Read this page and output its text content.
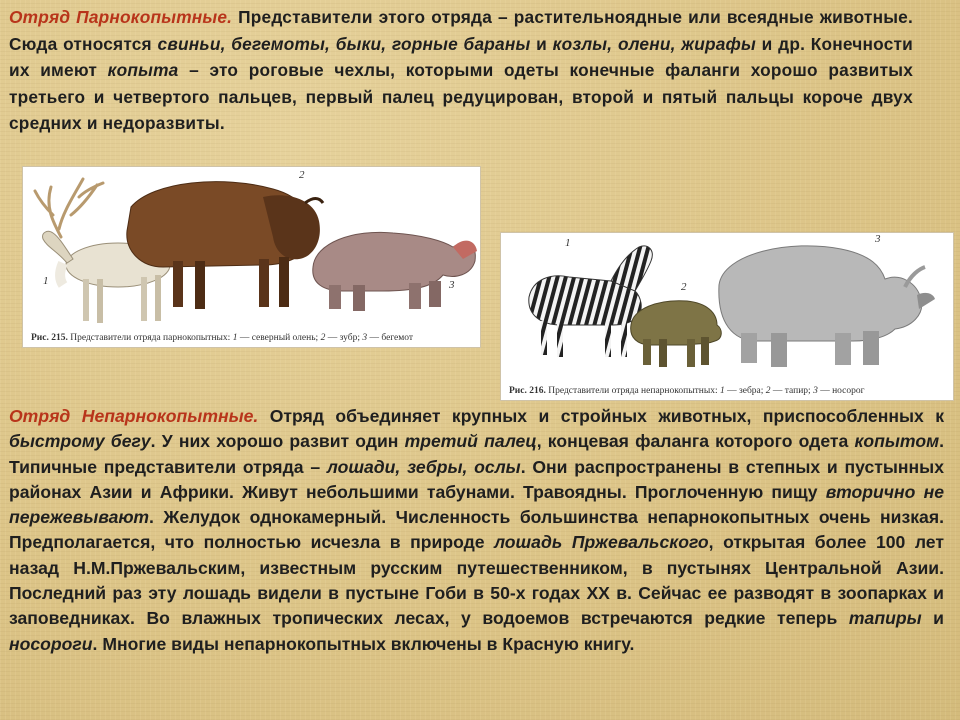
Отряд Парнокопытные. Представители этого отряда – растительноядные или всеядные животные. Сюда относятся свиньи, бегемоты, быки, горные бараны и козлы, олени, жирафы и др. Конечности их имеют копыта – это роговые чехлы, которыми одеты конечные фаланги хорошо развитых третьего и четвертого пальцев, первый палец редуцирован, второй и пятый пальцы короче двух средних и недоразвиты.

1
2
3
Рис. 215. Представители отряда парнокопытных: 1 — северный олень; 2 — зубр; 3 — бегемот
1
2
3
Рис. 216. Представители отряда непарнокопытных: 1 — зебра; 2 — тапир; 3 — носорог

Отряд Непарнокопытные. Отряд объединяет крупных и стройных животных, приспособленных к быстрому бегу. У них хорошо развит один третий палец, концевая фаланга которого одета копытом. Типичные представители отряда – лошади, зебры, ослы. Они распространены в степных и пустынных районах Азии и Африки. Живут небольшими табунами. Травоядны. Проглоченную пищу вторично не пережевывают. Желудок однокамерный. Численность большинства непарнокопытных очень низкая. Предполагается, что полностью исчезла в природе лошадь Пржевальского, открытая более 100 лет назад Н.М.Пржевальским, известным русским путешественником, в пустынях Центральной Азии. Последний раз эту лошадь видели в пустыне Гоби в 50-х годах ХХ в. Сейчас ее разводят в зоопарках и заповедниках. Во влажных тропических лесах, у водоемов встречаются редкие теперь тапиры и носороги. Многие виды непарнокопытных включены в Красную книгу.
